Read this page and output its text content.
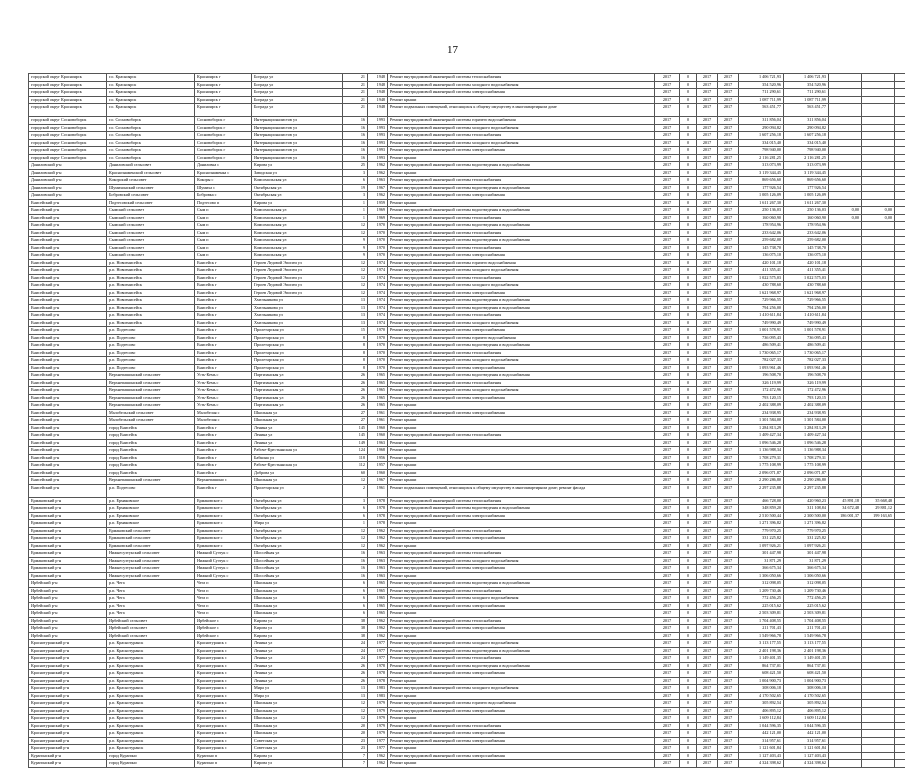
17
городской округ Красноярск	г.о. Красноярск	Красноярск г	Бограда ул	21	1948	Ремонт внутридомовой инженерной системы теплоснабжения	2017	0	2017	2017	1 406 721,93	1 406 721,93				
городской округ Красноярск	г.о. Красноярск	Красноярск г	Бограда ул	21	1948	Ремонт внутридомовой инженерной системы холодного водоснабжения	2017	0	2017	2017	354 520,96	354 520,96				
городской округ Красноярск	г.о. Красноярск	Красноярск г	Бограда ул	21	1948	Ремонт внутридомовой инженерной системы электроснабжения	2017	0	2017	2017	711 290,61	711 290,61				
городской округ Красноярск	г.о. Красноярск	Красноярск г	Бограда ул	21	1948	Ремонт крыши	2017	0	2017	2017	1 087 711,99	1 087 711,99				
городской округ Красноярск	г.о. Красноярск	Красноярск г	Бограда ул	21	1948	Ремонт подвальных помещений, относящихся к общему имуществу в многоквартирном доме	2017	0	2017	2017	563 451,77	563 451,77				
городской округ Сосновоборск	г.о. Сосновоборск	Сосновоборск г	Интернационалистов ул	16	1993	Ремонт внутридомовой инженерной системы горячего водоснабжения	2017	0	2017	2017	311 856,04	311 856,04				
городской округ Сосновоборск	г.о. Сосновоборск	Сосновоборск г	Интернационалистов ул	16	1993	Ремонт внутридомовой инженерной системы холодного водоснабжения	2017	0	2017	2017	290 094,82	290 094,82				
городской округ Сосновоборск	г.о. Сосновоборск	Сосновоборск г	Интернационалистов ул	16	1993	Ремонт внутридомовой инженерной системы теплоснабжения	2017	0	2017	2017	1 607 256,18	1 607 256,18				
городской округ Сосновоборск	г.о. Сосновоборск	Сосновоборск г	Интернационалистов ул	16	1993	Ремонт внутридомовой инженерной системы холодного водоснабжения	2017	0	2017	2017	334 015,40	334 015,40				
городской округ Сосновоборск	г.о. Сосновоборск	Сосновоборск г	Интернационалистов ул	16	1993	Ремонт внутридомовой инженерной системы электроснабжения	2017	0	2017	2017	798 940,00	798 940,00				
городской округ Сосновоборск	г.о. Сосновоборск	Сосновоборск г	Интернационалистов ул	16	1993	Ремонт крыши	2017	0	2017	2017	2 116 281,25	2 116 281,25				
Даниловский р-н	Даниловский сельсовет	Даниловка с	Кирова ул	25	1962	Ремонт внутридомовой инженерной системы водоотведения и водоснабжения	2017	0	2017	2017	313 073,99	313 073,99				
Даниловский р-н	Краснознаменский сельсовет	Краснознаменка с	Заводская ул	3	1962	Ремонт крыши	2017	0	2017	2017	3 119 344,45	3 119 344,45				
Даниловский р-н	Кокорский сельсовет	Кокоры с	Комсомольская ул	6	1963	Ремонт внутридомовой инженерной системы теплоснабжения	2017	0	2017	2017	869 656,60	869 656,60				
Даниловский р-н	Шумихинский сельсовет	Шумиха с	Октябрьская ул	19	1967	Ремонт внутридомовой инженерной системы водоотведения и водоснабжения	2017	0	2017	2017	177 926,54	177 926,54				
Даниловский р-н	Бобровский сельсовет	Бобровка с	Октябрьская ул	3	1962	Ремонт внутридомовой инженерной системы электроснабжения	2017	0	2017	2017	1 005 126,09	1 005 126,09				
Енисейский р-н	Подтесовский сельсовет	Подтесово п	Кирова ул	1	1959	Ремонт крыши	2017	0	2017	2017	1 611 267,30	1 611 267,30				
Енисейский р-н	Сымский сельсовет	Сым п	Комсомольская ул	1	1969	Ремонт внутридомовой инженерной системы водоотведения и водоснабжения	2017	0	2017	2017	250 136,03	250 136,03	0,00	0,00		
Енисейский р-н	Сымский сельсовет	Сым п	Комсомольская ул	1	1969	Ремонт внутридомовой инженерной системы теплоснабжения	2017	0	2017	2017	160 060,90	160 060,90	0,00	0,00		
Енисейский р-н	Сымский сельсовет	Сым п	Комсомольская ул	12	1970	Ремонт внутридомовой инженерной системы водоотведения и водоснабжения	2017	0	2017	2017	178 954,96	178 954,96				
Енисейский р-н	Сымский сельсовет	Сым п	Комсомольская ул	12	1970	Ремонт внутридомовой инженерной системы теплоснабжения	2017	0	2017	2017	233 642,06	233 642,06				
Енисейский р-н	Сымский сельсовет	Сым п	Комсомольская ул	9	1970	Ремонт внутридомовой инженерной системы водоотведения и водоснабжения	2017	0	2017	2017	259 682,00	259 682,00				
Енисейский р-н	Сымский сельсовет	Сым п	Комсомольская ул	9	1970	Ремонт внутридомовой инженерной системы теплоснабжения	2017	0	2017	2017	145 738,70	145 738,70				
Енисейский р-н	Сымский сельсовет	Сым п	Комсомольская ул	9	1970	Ремонт внутридомовой инженерной системы электроснабжения	2017	0	2017	2017	136 075,10	136 075,10				
Енисейский р-н	р.п. Новоенисейск	Енисейск г	Героев Ледовой Эпопеи ул	12	1974	Ремонт внутридомовой инженерной системы горячего водоснабжения	2017	0	2017	2017	420 101,18	420 101,18				
Енисейский р-н	р.п. Новоенисейск	Енисейск г	Героев Ледовой Эпопеи ул	12	1974	Ремонт внутридомовой инженерной системы холодного водоснабжения	2017	0	2017	2017	411 355,41	411 355,41				
Енисейский р-н	р.п. Новоенисейск	Енисейск г	Героев Ледовой Эпопеи ул	12	1974	Ремонт внутридомовой инженерной системы теплоснабжения	2017	0	2017	2017	1 022 575,03	1 022 575,03				
Енисейский р-н	р.п. Новоенисейск	Енисейск г	Героев Ледовой Эпопеи ул	12	1974	Ремонт внутридомовой инженерной системы холодного водоснабжения	2017	0	2017	2017	430 788,60	430 788,60				
Енисейский р-н	р.п. Новоенисейск	Енисейск г	Героев Ледовой Эпопеи ул	12	1974	Ремонт внутридомовой инженерной системы электроснабжения	2017	0	2017	2017	1 621 968,97	1 621 968,97				
Енисейский р-н	р.п. Новоенисейск	Енисейск г	Хмельникова ул	13	1974	Ремонт внутридомовой инженерной системы водоотведения и водоснабжения	2017	0	2017	2017	729 966,55	729 966,55				
Енисейский р-н	р.п. Новоенисейск	Енисейск г	Хмельникова ул	13	1974	Ремонт внутридомовой инженерной системы водоотведения и водоснабжения	2017	0	2017	2017	794 256,00	794 256,00				
Енисейский р-н	р.п. Новоенисейск	Енисейск г	Хмельникова ул	13	1974	Ремонт внутридомовой инженерной системы теплоснабжения	2017	0	2017	2017	1 410 611,84	1 410 611,84				
Енисейский р-н	р.п. Новоенисейск	Енисейск г	Хмельникова ул	13	1974	Ремонт внутридомовой инженерной системы холодного водоснабжения	2017	0	2017	2017	749 990,49	749 990,49				
Енисейский р-н	р.п. Подтесово	Енисейск г	Пролетарская ул	15	1970	Ремонт внутридомовой инженерной системы электроснабжения	2017	0	2017	2017	1 001 578,91	1 001 578,91				
Енисейский р-н	р.п. Подтесово	Енисейск г	Пролетарская ул	8	1970	Ремонт внутридомовой инженерной системы горячего водоснабжения	2017	0	2017	2017	736 095,43	736 095,43				
Енисейский р-н	р.п. Подтесово	Енисейск г	Пролетарская ул	8	1970	Ремонт внутридомовой инженерной системы водоотведения и водоснабжения	2017	0	2017	2017	486 509,41	486 509,41				
Енисейский р-н	р.п. Подтесово	Енисейск г	Пролетарская ул	8	1970	Ремонт внутридомовой инженерной системы теплоснабжения	2017	0	2017	2017	1 730 065,17	1 730 065,17				
Енисейский р-н	р.п. Подтесово	Енисейск г	Пролетарская ул	8	1970	Ремонт внутридомовой инженерной системы холодного водоснабжения	2017	0	2017	2017	782 027,33	782 027,33				
Енисейский р-н	р.п. Подтесово	Енисейск г	Пролетарская ул	8	1970	Ремонт внутридомовой инженерной системы электроснабжения	2017	0	2017	2017	1 093 961,46	1 093 961,46				
Енисейский р-н	Верхнепашинский сельсовет	Усть-Кемь с	Партизанская ул	26	1965	Ремонт внутридомовой инженерной системы водоотведения и водоснабжения	2017	0	2017	2017	196 508,70	196 508,70				
Енисейский р-н	Верхнепашинский сельсовет	Усть-Кемь с	Партизанская ул	26	1965	Ремонт внутридомовой инженерной системы теплоснабжения	2017	0	2017	2017	326 119,99	326 119,99				
Енисейский р-н	Верхнепашинский сельсовет	Усть-Кемь с	Партизанская ул	26	1965	Ремонт внутридомовой инженерной системы холодного водоснабжения	2017	0	2017	2017	172 472,96	172 472,96				
Енисейский р-н	Верхнепашинский сельсовет	Усть-Кемь с	Партизанская ул	26	1965	Ремонт внутридомовой инженерной системы электроснабжения	2017	0	2017	2017	793 120,15	793 120,15				
Енисейский р-н	Верхнепашинский сельсовет	Усть-Кемь с	Партизанская ул	26	1965	Ремонт крыши	2017	0	2017	2017	2 402 388,09	2 402 388,09				
Енисейский р-н	Малобельский сельсовет	Малобелая с	Школьная ул	27	1961	Ремонт внутридомовой инженерной системы электроснабжения	2017	0	2017	2017	234 938,95	234 938,95				
Енисейский р-н	Малобельский сельсовет	Малобелая с	Школьная ул	27	1961	Ремонт крыши	2017	0	2017	2017	1 301 584,00	1 301 584,00				
Енисейский р-н	город Енисейск	Енисейск г	Ленина ул	145	1960	Ремонт крыши	2017	0	2017	2017	1 284 813,29	1 284 813,29				
Енисейский р-н	город Енисейск	Енисейск г	Ленина ул	145	1960	Ремонт внутридомовой инженерной системы теплоснабжения	2017	0	2017	2017	1 409 427,34	1 409 427,34				
Енисейский р-н	город Енисейск	Енисейск г	Ленина ул	149	1963	Ремонт крыши	2017	0	2017	2017	1 096 546,28	1 096 546,28				
Енисейский р-н	город Енисейск	Енисейск г	Рабоче-Крестьянская ул	124	1968	Ремонт крыши	2017	0	2017	2017	1 136 988,34	1 136 988,34				
Енисейский р-н	город Енисейск	Енисейск г	Бабкина ул	118	1956	Ремонт крыши	2017	0	2017	2017	1 708 279,31	1 708 279,31				
Енисейский р-н	город Енисейск	Енисейск г	Рабоче-Крестьянская ул	112	1957	Ремонт крыши	2017	0	2017	2017	1 775 108,99	1 775 108,99				
Енисейский р-н	город Енисейск	Енисейск г	Доброва ул	60	1960	Ремонт крыши	2017	0	2017	2017	2 096 071,87	2 096 071,87				
Енисейский р-н	Верхнепашинский сельсовет	Верхнепашино с	Школьная ул	12	1967	Ремонт крыши	2017	0	2017	2017	2 290 286,80	2 290 286,80				
Енисейский р-н	р.п. Подтесово	Енисейск г	Пролетарская ул	2	1961	Ремонт подвальных помещений, относящихся к общему имуществу в многоквартирном доме; ремонт фасада	2017	0	2017	2017	2 297 235,88	2 297 235,88				
Ермаковский р-н	р.п. Ермаковское	Ермаковское с	Октябрьская ул	3	1978	Ремонт внутридомовой инженерной системы теплоснабжения	2017	0	2017	2017	466 728,00	420 960,23	45 891,18	35 668,48		
Ермаковский р-н	р.п. Ермаковское	Ермаковское с	Октябрьская ул	6	1978	Ремонт внутридомовой инженерной системы водоотведения и водоснабжения	2017	0	2017	2017	348 859,20	311 108,84	34 672,48	29 881,12		
Ермаковский р-н	р.п. Ермаковское	Ермаковское с	Октябрьская ул	6	1978	Ремонт внутридомовой инженерной системы электроснабжения	2017	0	2017	2017	2 510 500,44	2 300 500,00	186 001,37	199 163,65		
Ермаковский р-н	р.п. Ермаковское	Ермаковское с	Мира ул	1	1978	Ремонт крыши	2017	0	2017	2017	1 271 396,82	1 271 396,82				
Ермаковский р-н	Ермаковский сельсовет	Ермаковское с	Октябрьская ул	12	1962	Ремонт внутридомовой инженерной системы теплоснабжения	2017	0	2017	2017	779 970,25	779 970,25				
Ермаковский р-н	Ермаковский сельсовет	Ермаковское с	Октябрьская ул	12	1962	Ремонт внутридомовой инженерной системы электроснабжения	2017	0	2017	2017	331 225,82	331 225,82				
Ермаковский р-н	Ермаковский сельсовет	Ермаковское с	Октябрьская ул	12	1962	Ремонт крыши	2017	0	2017	2017	1 097 926,21	1 097 926,21				
Ермаковский р-н	Нижнесуэтукский сельсовет	Нижний Суэтук с	Шоссейная ул	16	1963	Ремонт внутридомовой инженерной системы теплоснабжения	2017	0	2017	2017	301 447,98	301 447,98				
Ермаковский р-н	Нижнесуэтукский сельсовет	Нижний Суэтук с	Шоссейная ул	16	1963	Ремонт внутридомовой инженерной системы холодного водоснабжения	2017	0	2017	2017	31 871,29	31 871,29				
Ермаковский р-н	Нижнесуэтукский сельсовет	Нижний Суэтук с	Шоссейная ул	16	1963	Ремонт внутридомовой инженерной системы электроснабжения	2017	0	2017	2017	366 675,34	366 675,34				
Ермаковский р-н	Нижнесуэтукский сельсовет	Нижний Суэтук с	Шоссейная ул	16	1963	Ремонт крыши	2017	0	2017	2017	1 306 050,66	1 306 050,66				
Ирбейский р-н	р.п. Чега	Чега п	Школьная ул	6	1965	Ремонт внутридомовой инженерной системы водоотведения и водоснабжения	2017	0	2017	2017	312 098,05	312 098,05				
Ирбейский р-н	р.п. Чега	Чега п	Школьная ул	6	1965	Ремонт внутридомовой инженерной системы теплоснабжения	2017	0	2017	2017	1 209 730,46	1 209 730,46				
Ирбейский р-н	р.п. Чега	Чега п	Школьная ул	6	1965	Ремонт внутридомовой инженерной системы холодного водоснабжения	2017	0	2017	2017	772 456,25	772 456,25				
Ирбейский р-н	р.п. Чега	Чега п	Школьная ул	6	1965	Ремонт внутридомовой инженерной системы электроснабжения	2017	0	2017	2017	225 015,62	225 015,62				
Ирбейский р-н	р.п. Чега	Чега п	Школьная ул	6	1965	Ремонт крыши	2017	0	2017	2017	2 503 309,81	2 503 309,81				
Ирбейский р-н	Ирбейский сельсовет	Ирбейское с	Кирова ул	38	1962	Ремонт внутридомовой инженерной системы теплоснабжения	2017	0	2017	2017	1 704 408,55	1 704 408,55				
Ирбейский р-н	Ирбейский сельсовет	Ирбейское с	Кирова ул	38	1962	Ремонт внутридомовой инженерной системы электроснабжения	2017	0	2017	2017	211 701,43	211 701,43				
Ирбейский р-н	Ирбейский сельсовет	Ирбейское с	Кирова ул	38	1962	Ремонт крыши	2017	0	2017	2017	1 549 966,78	1 549 966,78				
Краснотуранский р-н	р.п. Краснотуранск	Краснотуранск с	Ленина ул	24	1977	Ремонт внутридомовой инженерной системы холодного водоснабжения	2017	0	2017	2017	3 113 177,55	3 113 177,55				
Краснотуранский р-н	р.п. Краснотуранск	Краснотуранск с	Ленина ул	24	1977	Ремонт внутридомовой инженерной системы водоотведения и водоснабжения	2017	0	2017	2017	2 401 198,36	2 401 198,36				
Краснотуранский р-н	р.п. Краснотуранск	Краснотуранск с	Ленина ул	24	1977	Ремонт внутридомовой инженерной системы теплоснабжения	2017	0	2017	2017	1 149 401,35	1 149 401,35				
Краснотуранский р-н	р.п. Краснотуранск	Краснотуранск с	Ленина ул	26	1978	Ремонт внутридомовой инженерной системы водоотведения и водоснабжения	2017	0	2017	2017	864 737,01	864 737,01				
Краснотуранский р-н	р.п. Краснотуранск	Краснотуранск с	Ленина ул	26	1978	Ремонт внутридомовой инженерной системы электроснабжения	2017	0	2017	2017	608 421,50	608 421,50				
Краснотуранский р-н	р.п. Краснотуранск	Краснотуранск с	Ленина ул	26	1978	Ремонт крыши	2017	0	2017	2017	1 004 900,73	1 004 900,73				
Краснотуранский р-н	р.п. Краснотуранск	Краснотуранск с	Мира ул	13	1983	Ремонт внутридомовой инженерной системы холодного водоснабжения	2017	0	2017	2017	308 006,18	308 006,18				
Краснотуранский р-н	р.п. Краснотуранск	Краснотуранск с	Мира ул	13	1983	Ремонт крыши	2017	0	2017	2017	4 170 502,65	4 170 502,65				
Краснотуранский р-н	р.п. Краснотуранск	Краснотуранск с	Школьная ул	12	1979	Ремонт внутридомовой инженерной системы горячего водоснабжения	2017	0	2017	2017	305 892,54	305 892,54				
Краснотуранский р-н	р.п. Краснотуранск	Краснотуранск с	Школьная ул	12	1979	Ремонт внутридомовой инженерной системы электроснабжения	2017	0	2017	2017	406 895,12	406 895,12				
Краснотуранский р-н	р.п. Краснотуранск	Краснотуранск с	Школьная ул	12	1979	Ремонт крыши	2017	0	2017	2017	1 609 112,84	1 609 112,84				
Краснотуранский р-н	р.п. Краснотуранск	Краснотуранск с	Школьная ул	20	1979	Ремонт внутридомовой инженерной системы теплоснабжения	2017	0	2017	2017	1 044 596,35	1 044 596,35				
Краснотуранский р-н	р.п. Краснотуранск	Краснотуранск с	Школьная ул	20	1979	Ремонт внутридомовой инженерной системы электроснабжения	2017	0	2017	2017	442 121,00	442 121,00				
Краснотуранский р-н	р.п. Краснотуранск	Краснотуранск с	Советская ул	23	1977	Ремонт внутридомовой инженерной системы электроснабжения	2017	0	2017	2017	314 957,61	314 957,61				
Краснотуранский р-н	р.п. Краснотуранск	Краснотуранск с	Советская ул	23	1977	Ремонт крыши	2017	0	2017	2017	1 121 601,84	1 121 601,84				
Курагинский р-н	город Курагино	Курагино п	Кирова ул	7	1962	Ремонт внутридомовой инженерной системы электроснабжения	2017	0	2017	2017	1 127 403,43	1 127 403,43				
Курагинский р-н	город Курагино	Курагино п	Кирова ул	7	1962	Ремонт крыши	2017	0	2017	2017	4 324 398,62	4 324 398,62				
